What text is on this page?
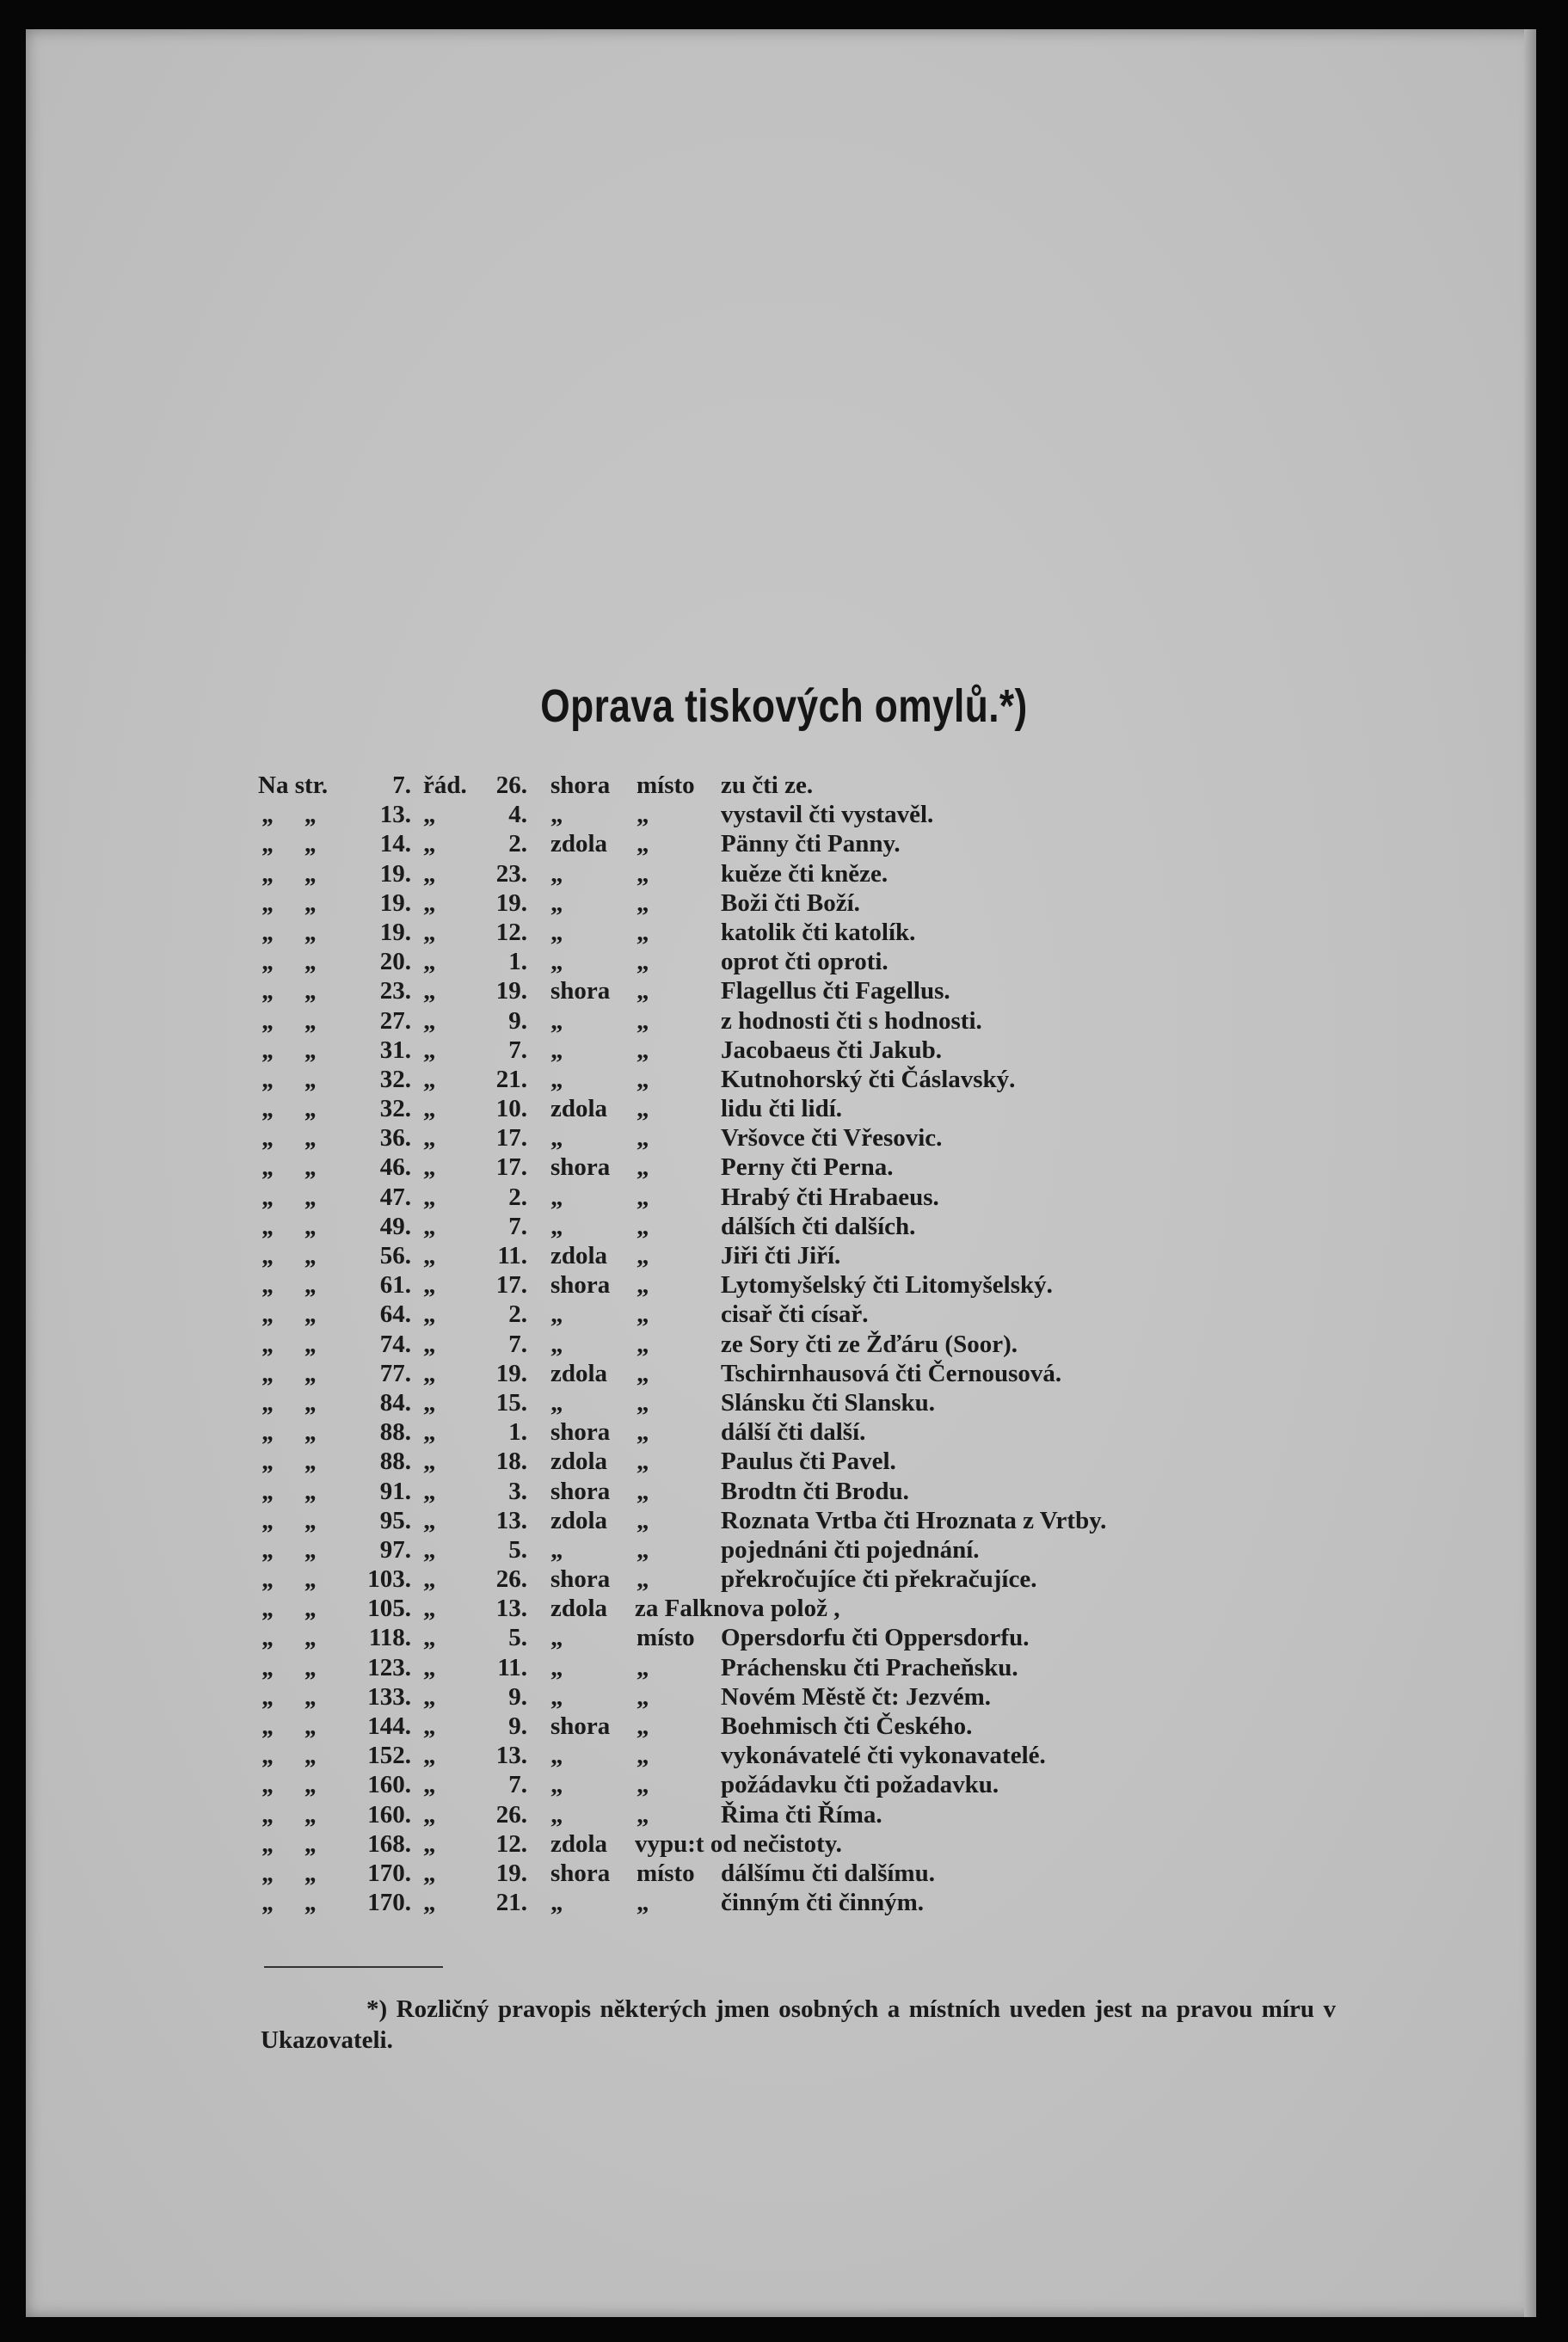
Oprava tiskových omylů.*)
Na str.	7. řád.	26. shora	místo	zu čti ze.
„ „	13. „	4. „	„	vystavil čti vystavěl.
„ „	14. „	2. zdola	„	Pänny čti Panny.
„ „	19. „	23. „	„	kuěze čti kněze.
„ „	19. „	19. „	„	Boži čti Boží.
„ „	19. „	12. „	„	katolik čti katolík.
„ „	20. „	1. „	„	oprot čti oproti.
„ „	23. „	19. shora	„	Flagellus čti Fagellus.
„ „	27. „	9. „	„	z hodnosti čti s hodnosti.
„ „	31. „	7. „	„	Jacobaeus čti Jakub.
„ „	32. „	21. „	„	Kutnohorský čti Čáslavský.
„ „	32. „	10. zdola	„	lidu čti lidí.
„ „	36. „	17. „	„	Vršovce čti Vřesovic.
„ „	46. „	17. shora	„	Perny čti Perna.
„ „	47. „	2. „	„	Hrabý čti Hrabaeus.
„ „	49. „	7. „	„	dálších čti dalších.
„ „	56. „	11. zdola	„	Jiři čti Jiří.
„ „	61. „	17. shora	„	Lytomyšelský čti Litomyšelský.
„ „	64. „	2. „	„	cisař čti císař.
„ „	74. „	7. „	„	ze Sory čti ze Žďáru (Soor).
„ „	77. „	19. zdola	„	Tschirnhausová čti Černousová.
„ „	84. „	15. „	„	Slánsku čti Slansku.
„ „	88. „	1. shora	„	dálší čti další.
„ „	88. „	18. zdola	„	Paulus čti Pavel.
„ „	91. „	3. shora	„	Brodtn čti Brodu.
„ „	95. „	13. zdola	„	Roznata Vrtba čti Hroznata z Vrtby.
„ „	97. „	5. „	„	pojednáni čti pojednání.
„ „	103. „	26. shora	„	překročujíce čti překračujíce.
„ „	105. „	13. zdola	za Falknova polož ,
„ „	118. „	5. „	místo	Opersdorfu čti Oppersdorfu.
„ „	123. „	11. „	„	Práchensku čti Pracheňsku.
„ „	133. „	9. „	„	Novém Městě čt: Jezvém.
„ „	144. „	9. shora	„	Boehmisch čti Českého.
„ „	152. „	13. „	„	vykonávatelé čti vykonavatelé.
„ „	160. „	7. „	„	požádavku čti požadavku.
„ „	160. „	26. „	„	Řima čti Říma.
„ „	168. „	12. zdola	vypu:t od nečistoty.
„ „	170. „	19. shora	místo	dálšímu čti dalšímu.
„ „	170. „	21. „	„	činným čti činným.
*) Rozličný pravopis některých jmen osobných a místních uveden jest na pravou míru v Ukazovateli.
